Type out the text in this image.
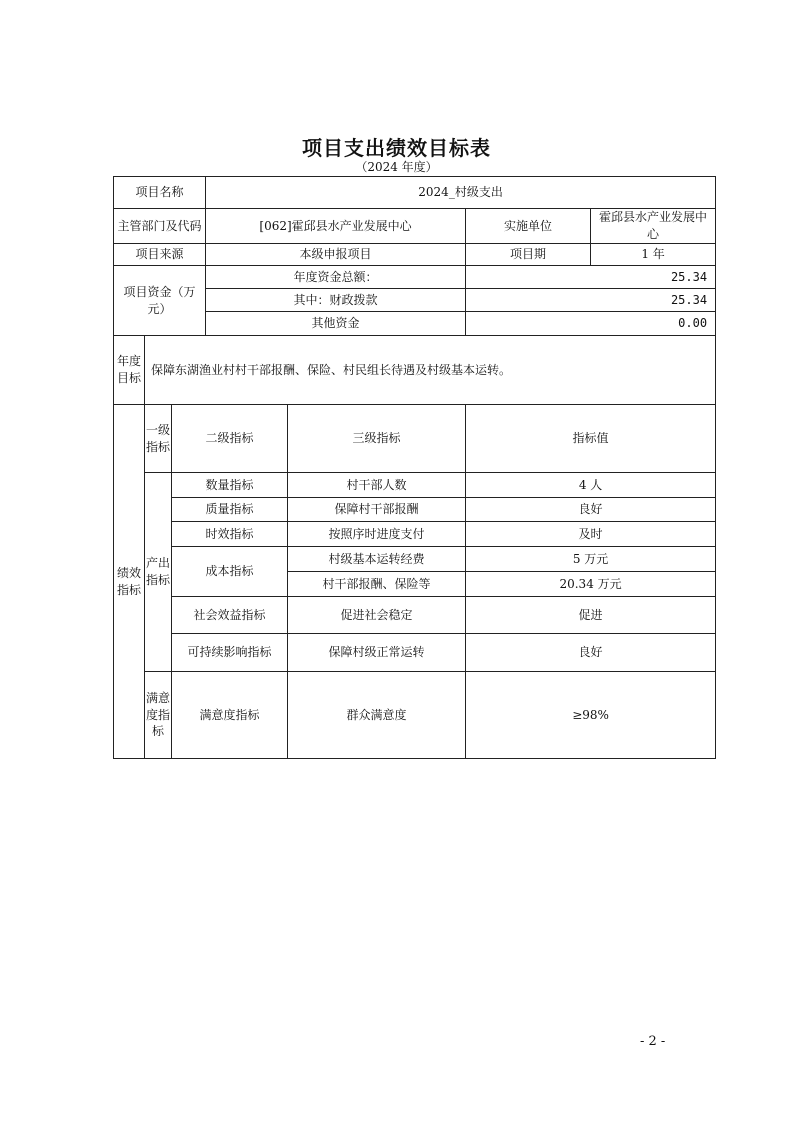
项目支出绩效目标表
（2024 年度）
项目名称			2024_村级支出			
主管部门及代码			[062]霍邱县水产业发展中心		实施单位	霍邱县水产业发展中心
项目来源			本级申报项目		项目期	1 年
项目资金（万元）			年度资金总额：		25.34	
			其中：财政拨款		25.34	
			其他资金		0.00	
年度目标	保障东湖渔业村村干部报酬、保险、村民组长待遇及村级基本运转。					
绩效指标	一级指标	二级指标		三级指标	指标值	
	产出指标	数量指标		村干部人数	4 人	
		质量指标		保障村干部报酬	良好	
		时效指标		按照序时进度支付	及时	
		成本指标		村级基本运转经费	5 万元	
				村干部报酬、保险等	20.34 万元	
		社会效益指标		促进社会稳定	促进	
		可持续影响指标		保障村级正常运转	良好	
	满意度指标	满意度指标		群众满意度	≥98%	
- 2 -
